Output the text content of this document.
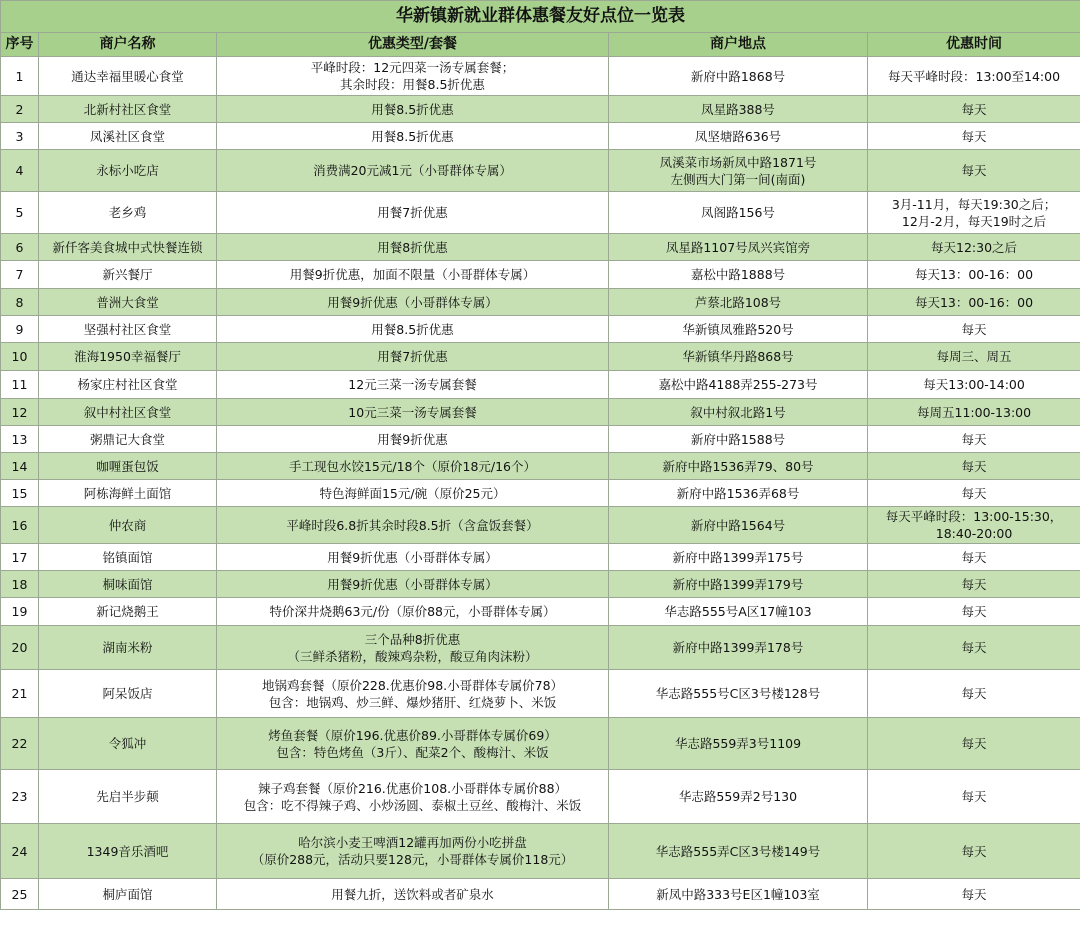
华新镇新就业群体惠餐友好点位一览表				
序号	商户名称	优惠类型/套餐	商户地点	优惠时间
1	通达幸福里暖心食堂	平峰时段：12元四菜一汤专属套餐；
其余时段：用餐8.5折优惠	新府中路1868号	每天平峰时段：13:00至14:00
2	北新村社区食堂	用餐8.5折优惠	凤星路388号	每天
3	凤溪社区食堂	用餐8.5折优惠	凤坚塘路636号	每天
4	永标小吃店	消费满20元减1元（小哥群体专属）	凤溪菜市场新凤中路1871号
左侧西大门第一间(南面)	每天
5	老乡鸡	用餐7折优惠	凤阁路156号	3月-11月，每天19:30之后；
12月-2月，每天19时之后
6	新仟客美食城中式快餐连锁	用餐8折优惠	凤星路1107号凤兴宾馆旁	每天12:30之后
7	新兴餐厅	用餐9折优惠，加面不限量（小哥群体专属）	嘉松中路1888号	每天13：00-16：00
8	普洲大食堂	用餐9折优惠（小哥群体专属）	芦蔡北路108号	每天13：00-16：00
9	坚强村社区食堂	用餐8.5折优惠	华新镇凤雅路520号	每天
10	淮海1950幸福餐厅	用餐7折优惠	华新镇华丹路868号	每周三、周五
11	杨家庄村社区食堂	12元三菜一汤专属套餐	嘉松中路4188弄255-273号	每天13:00-14:00
12	叙中村社区食堂	10元三菜一汤专属套餐	叙中村叙北路1号	每周五11:00-13:00
13	粥鼎记大食堂	用餐9折优惠	新府中路1588号	每天
14	咖喱蛋包饭	手工现包水饺15元/18个（原价18元/16个）	新府中路1536弄79、80号	每天
15	阿栋海鲜土面馆	特色海鲜面15元/碗（原价25元）	新府中路1536弄68号	每天
16	仲农商	平峰时段6.8折其余时段8.5折（含盒饭套餐）	新府中路1564号	每天平峰时段：13:00-15:30，
18:40-20:00
17	铭镇面馆	用餐9折优惠（小哥群体专属）	新府中路1399弄175号	每天
18	桐味面馆	用餐9折优惠（小哥群体专属）	新府中路1399弄179号	每天
19	新记烧鹅王	特价深井烧鹅63元/份（原价88元，小哥群体专属）	华志路555号A区17幢103	每天
20	湖南米粉	三个品种8折优惠
（三鲜杀猪粉，酸辣鸡杂粉，酸豆角肉沫粉）	新府中路1399弄178号	每天
21	阿呆饭店	地锅鸡套餐（原价228.优惠价98.小哥群体专属价78）
包含：地锅鸡、炒三鲜、爆炒猪肝、红烧萝卜、米饭	华志路555号C区3号楼128号	每天
22	令狐冲	烤鱼套餐（原价196.优惠价89.小哥群体专属价69）
包含：特色烤鱼（3斤）、配菜2个、酸梅汁、米饭	华志路559弄3号1109	每天
23	先启半步颠	辣子鸡套餐（原价216.优惠价108.小哥群体专属价88）
包含：吃不得辣子鸡、小炒汤圆、泰椒土豆丝、酸梅汁、米饭	华志路559弄2号130	每天
24	1349音乐酒吧	哈尔滨小麦王啤酒12罐再加两份小吃拼盘
（原价288元，活动只要128元，小哥群体专属价118元）	华志路555弄C区3号楼149号	每天
25	桐庐面馆	用餐九折，送饮料或者矿泉水	新凤中路333号E区1幢103室	每天
